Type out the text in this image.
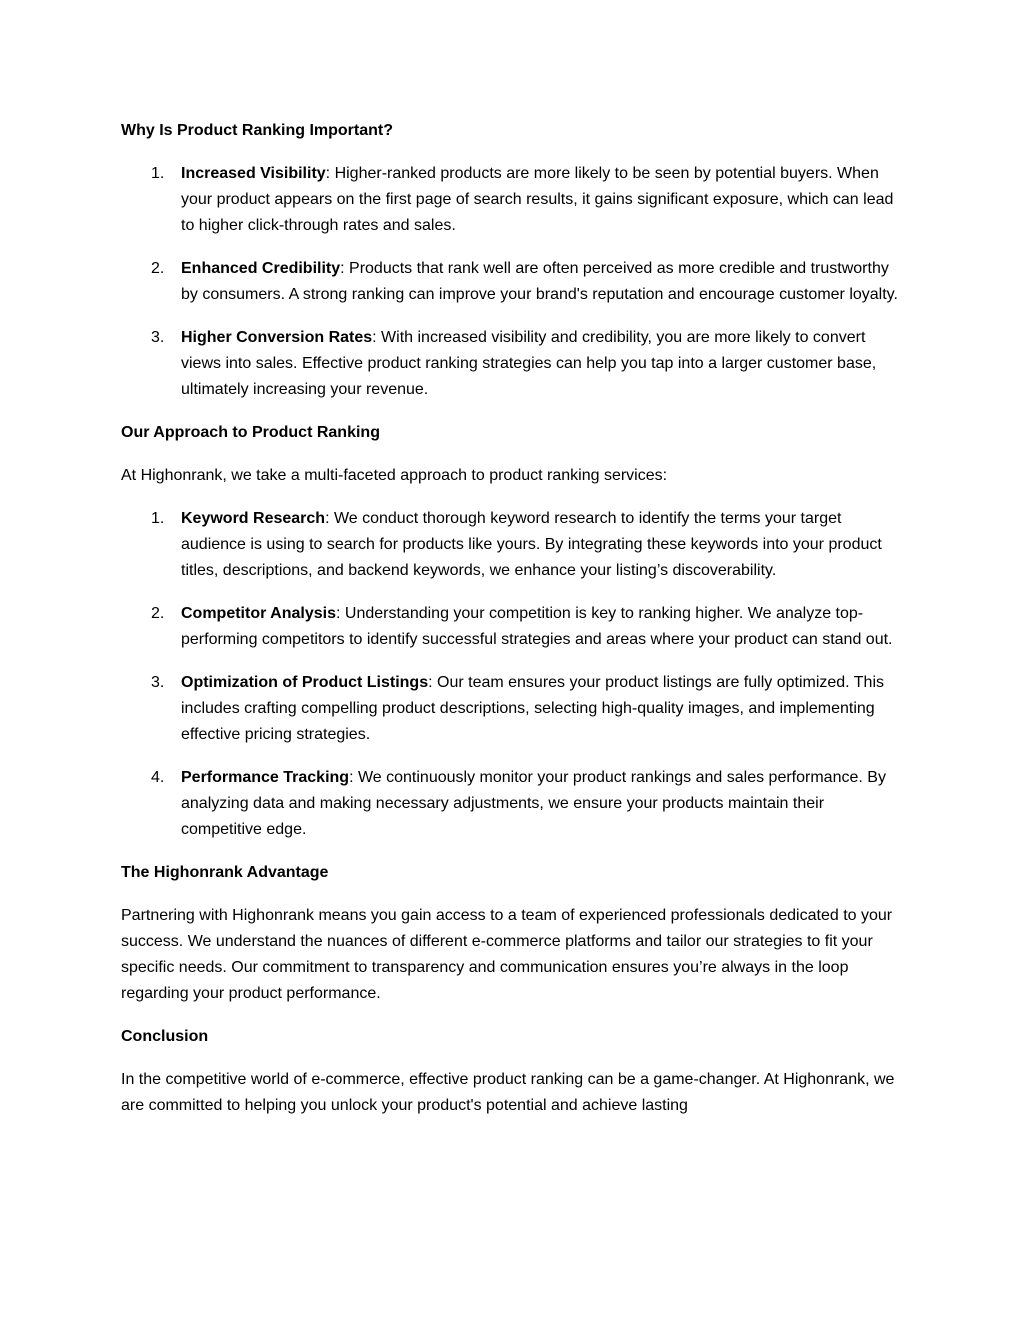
Why Is Product Ranking Important?
1. Increased Visibility: Higher-ranked products are more likely to be seen by potential buyers. When your product appears on the first page of search results, it gains significant exposure, which can lead to higher click-through rates and sales.
2. Enhanced Credibility: Products that rank well are often perceived as more credible and trustworthy by consumers. A strong ranking can improve your brand's reputation and encourage customer loyalty.
3. Higher Conversion Rates: With increased visibility and credibility, you are more likely to convert views into sales. Effective product ranking strategies can help you tap into a larger customer base, ultimately increasing your revenue.
Our Approach to Product Ranking
At Highonrank, we take a multi-faceted approach to product ranking services:
1. Keyword Research: We conduct thorough keyword research to identify the terms your target audience is using to search for products like yours. By integrating these keywords into your product titles, descriptions, and backend keywords, we enhance your listing’s discoverability.
2. Competitor Analysis: Understanding your competition is key to ranking higher. We analyze top-performing competitors to identify successful strategies and areas where your product can stand out.
3. Optimization of Product Listings: Our team ensures your product listings are fully optimized. This includes crafting compelling product descriptions, selecting high-quality images, and implementing effective pricing strategies.
4. Performance Tracking: We continuously monitor your product rankings and sales performance. By analyzing data and making necessary adjustments, we ensure your products maintain their competitive edge.
The Highonrank Advantage
Partnering with Highonrank means you gain access to a team of experienced professionals dedicated to your success. We understand the nuances of different e-commerce platforms and tailor our strategies to fit your specific needs. Our commitment to transparency and communication ensures you’re always in the loop regarding your product performance.
Conclusion
In the competitive world of e-commerce, effective product ranking can be a game-changer. At Highonrank, we are committed to helping you unlock your product's potential and achieve lasting
